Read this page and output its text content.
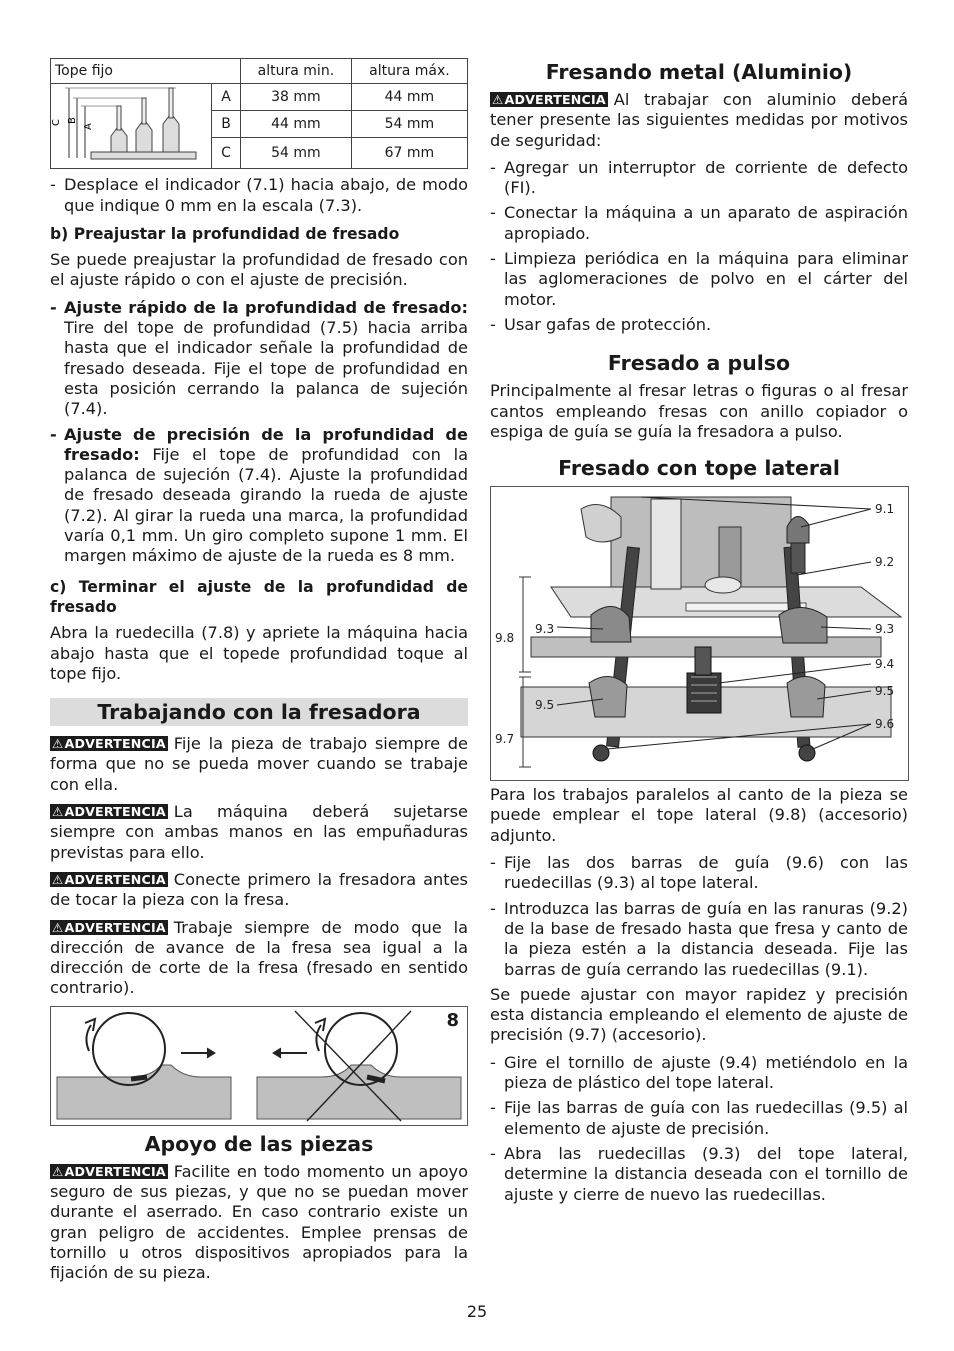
Tope fijo		altura min.	altura máx.

C B
A	A	38 mm	44 mm
	B	44 mm	54 mm
	C	54 mm	67 mm
- Desplace el indicador (7.1) hacia abajo, de modo que indique 0 mm en la escala (7.3).
b) Preajustar la profundidad de fresado

Se puede preajustar la profundidad de fresado con el ajuste rápido o con el ajuste de precisión.

- Ajuste rápido de la profundidad de fresado: Tire del tope de profundidad (7.5) hacia arriba hasta que el indicador señale la profundidad de fresado deseada. Fije el tope de profundidad en esta posición cerrando la palanca de sujeción (7.4).
- Ajuste de precisión de la profundidad de fresado: Fije el tope de profundidad con la palanca de sujeción (7.4). Ajuste la profundidad de fresado deseada girando la rueda de ajuste (7.2). Al girar la rueda una marca, la profundidad varía 0,1 mm. Un giro completo supone 1 mm. El margen máximo de ajuste de la rueda es 8 mm.
c) Terminar el ajuste de la profundidad de fresado

Abra la ruedecilla (7.8) y apriete la máquina hacia abajo hasta que el topede profundidad toque al tope fijo.

Trabajando con la fresadora

⚠ADVERTENCIA Fije la pieza de trabajo siempre de forma que no se pueda mover cuando se trabaje con ella.

⚠ADVERTENCIA La máquina deberá sujetarse siempre con ambas manos en las empuñaduras previstas para ello.

⚠ADVERTENCIA Conecte primero la fresadora antes de tocar la pieza con la fresa.

⚠ADVERTENCIA Trabaje siempre de modo que la dirección de avance de la fresa sea igual a la dirección de corte de la fresa (fresado en sentido contrario).

8
Apoyo de las piezas

⚠ADVERTENCIA Facilite en todo momento un apoyo seguro de sus piezas, y que no se puedan mover durante el aserrado. En caso contrario existe un gran peligro de accidentes. Emplee prensas de tornillo u otros dispositivos apropiados para la fijación de su pieza.

Fresando metal (Aluminio)

⚠ADVERTENCIA Al trabajar con aluminio deberá tener presente las siguientes medidas por motivos de seguridad:

- Agregar un interruptor de corriente de defecto (FI).
- Conectar la máquina a un aparato de aspiración apropiado.
- Limpieza periódica en la máquina para eliminar las aglomeraciones de polvo en el cárter del motor.
- Usar gafas de protección.
Fresado a pulso

Principalmente al fresar letras o figuras o al fresar cantos empleando fresas con anillo copiador o espiga de guía se guía la fresadora a pulso.

Fresado con tope lateral
9.1
9.2
9.3	9.3
9.4
9.5
9.5
9.6
9.7
9.8

Para los trabajos paralelos al canto de la pieza se puede emplear el tope lateral (9.8) (accesorio) adjunto.

- Fije las dos barras de guía (9.6) con las ruedecillas (9.3) al tope lateral.
- Introduzca las barras de guía en las ranuras (9.2) de la base de fresado hasta que fresa y canto de la pieza estén a la distancia deseada. Fije las barras de guía cerrando las ruedecillas (9.1).

Se puede ajustar con mayor rapidez y precisión esta distancia empleando el elemento de ajuste de precisión (9.7) (accesorio).

- Gire el tornillo de ajuste (9.4) metiéndolo en la pieza de plástico del tope lateral.
- Fije las barras de guía con las ruedecillas (9.5) al elemento de ajuste de precisión.
- Abra las ruedecillas (9.3) del tope lateral, determine la distancia deseada con el tornillo de ajuste y cierre de nuevo las ruedecillas.
25
